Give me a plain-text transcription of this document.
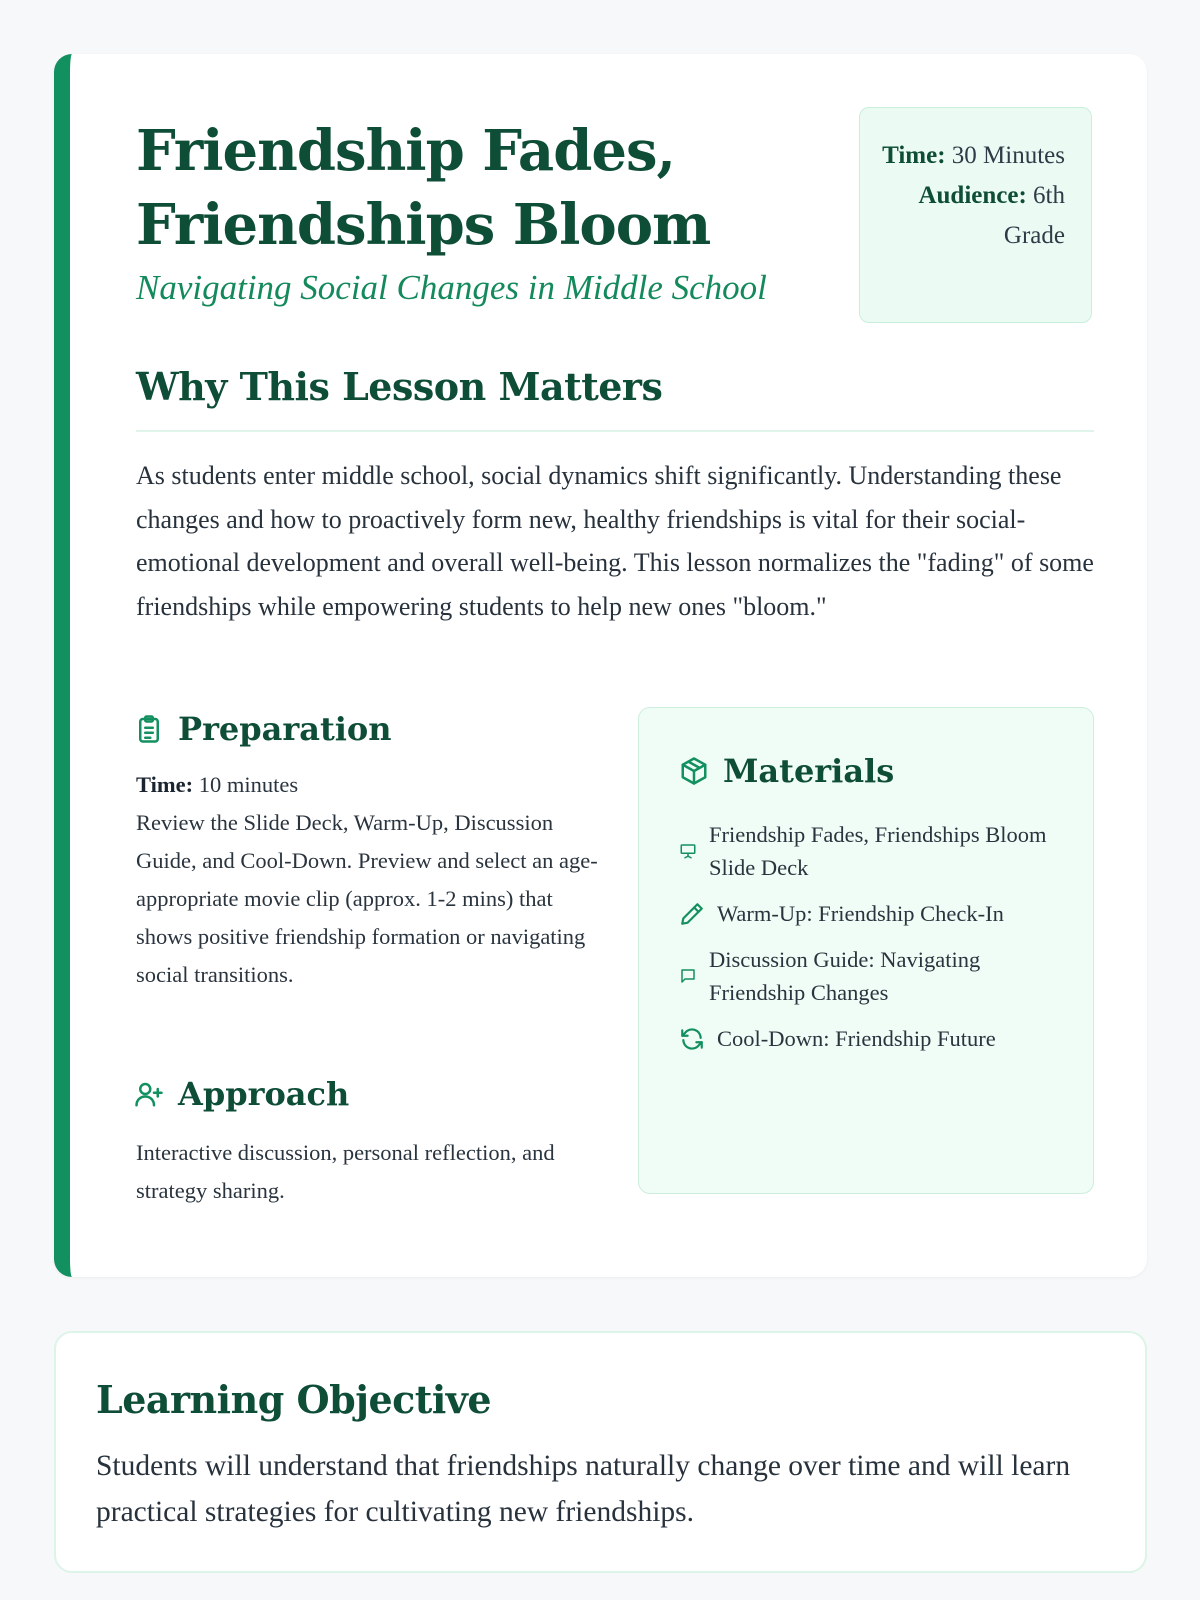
Friendship Fades, Friendships Bloom
Navigating Social Changes in Middle School
Time: 30 Minutes
Audience: 6th Grade
Why This Lesson Matters

As students enter middle school, social dynamics shift significantly. Understanding these changes and how to proactively form new, healthy friendships is vital for their social-emotional development and overall well-being. This lesson normalizes the "fading" of some friendships while empowering students to help new ones "bloom."

Preparation
Time: 10 minutes
Review the Slide Deck, Warm-Up, Discussion Guide, and Cool-Down. Preview and select an age-appropriate movie clip (approx. 1-2 mins) that shows positive friendship formation or navigating social transitions.
Approach

Interactive discussion, personal reflection, and strategy sharing.

Materials
Friendship Fades, Friendships Bloom Slide Deck
Warm-Up: Friendship Check-In
Discussion Guide: Navigating Friendship Changes
Cool-Down: Friendship Future
Learning Objective

Students will understand that friendships naturally change over time and will learn practical strategies for cultivating new friendships.
